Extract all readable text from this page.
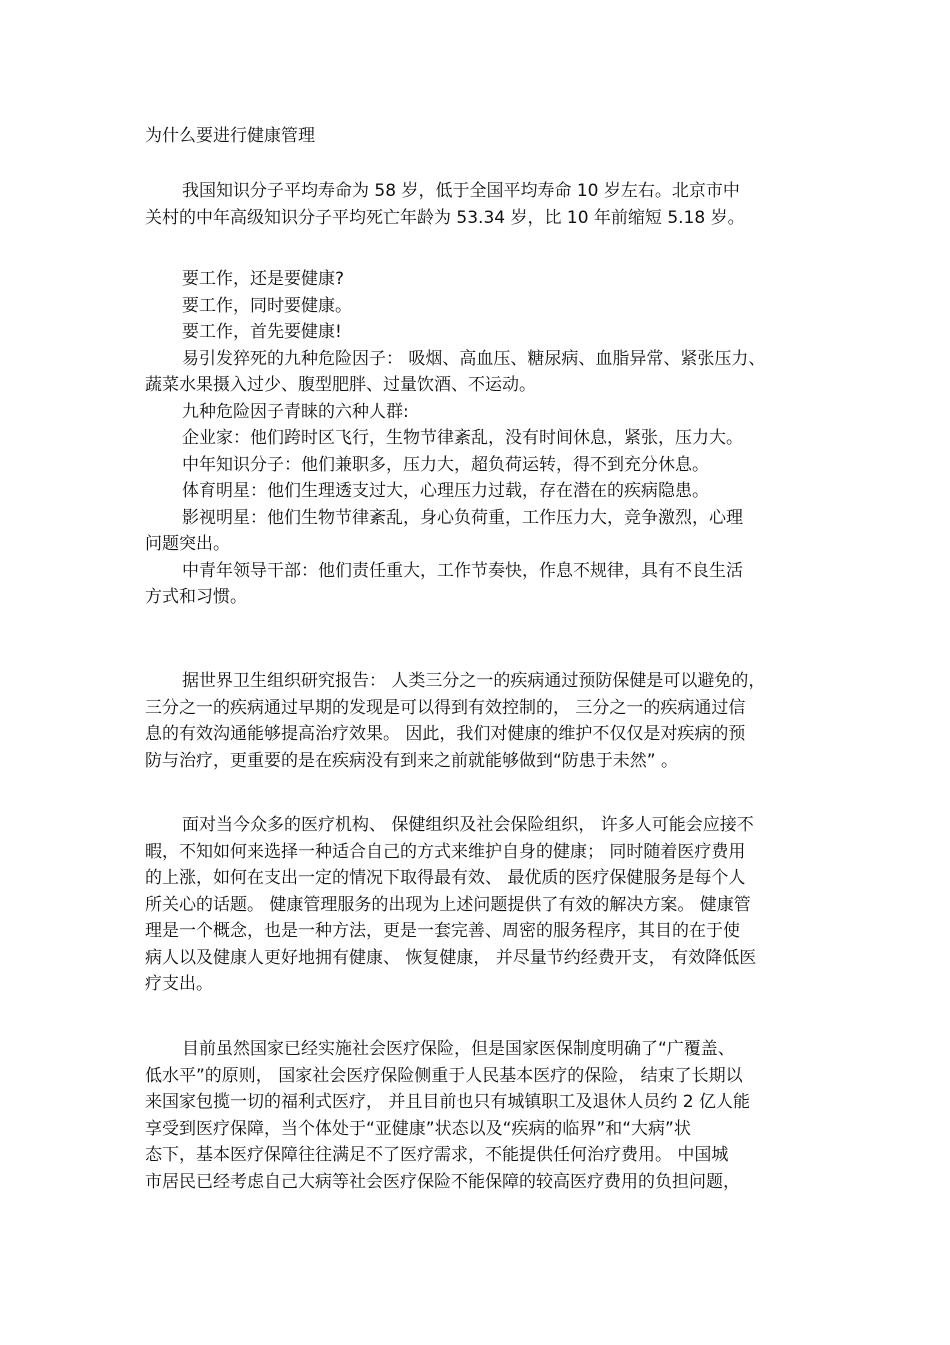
为什么要进行健康管理
我国知识分子平均寿命为 58 岁，低于全国平均寿命 10 岁左右。北京市中
关村的中年高级知识分子平均死亡年龄为 53.34 岁，比 10 年前缩短 5.18 岁。
要工作，还是要健康?
要工作，同时要健康。
要工作，首先要健康!
易引发猝死的九种危险因子： 吸烟、高血压、糖尿病、血脂异常、紧张压力、
蔬菜水果摄入过少、腹型肥胖、过量饮酒、不运动。
九种危险因子青睐的六种人群:
企业家：他们跨时区飞行，生物节律紊乱，没有时间休息，紧张，压力大。
中年知识分子：他们兼职多，压力大，超负荷运转，得不到充分休息。
体育明星：他们生理透支过大，心理压力过载，存在潜在的疾病隐患。
影视明星：他们生物节律紊乱，身心负荷重，工作压力大，竞争激烈，心理
问题突出。
中青年领导干部：他们责任重大，工作节奏快，作息不规律，具有不良生活
方式和习惯。
据世界卫生组织研究报告： 人类三分之一的疾病通过预防保健是可以避免的，
三分之一的疾病通过早期的发现是可以得到有效控制的， 三分之一的疾病通过信
息的有效沟通能够提高治疗效果。 因此，我们对健康的维护不仅仅是对疾病的预
防与治疗，更重要的是在疾病没有到来之前就能够做到“防患于未然” 。
面对当今众多的医疗机构、 保健组织及社会保险组织， 许多人可能会应接不
暇，不知如何来选择一种适合自己的方式来维护自身的健康； 同时随着医疗费用
的上涨，如何在支出一定的情况下取得最有效、 最优质的医疗保健服务是每个人
所关心的话题。 健康管理服务的出现为上述问题提供了有效的解决方案。 健康管
理是一个概念，也是一种方法，更是一套完善、周密的服务程序，其目的在于使
病人以及健康人更好地拥有健康、 恢复健康， 并尽量节约经费开支， 有效降低医
疗支出。
目前虽然国家已经实施社会医疗保险，但是国家医保制度明确了“广覆盖、
低水平”的原则， 国家社会医疗保险侧重于人民基本医疗的保险， 结束了长期以
来国家包揽一切的福利式医疗， 并且目前也只有城镇职工及退休人员约 2 亿人能
享受到医疗保障，当个体处于“亚健康”状态以及“疾病的临界”和“大病”状
态下，基本医疗保障往往满足不了医疗需求，不能提供任何治疗费用。 中国城
市居民已经考虑自己大病等社会医疗保险不能保障的较高医疗费用的负担问题，
